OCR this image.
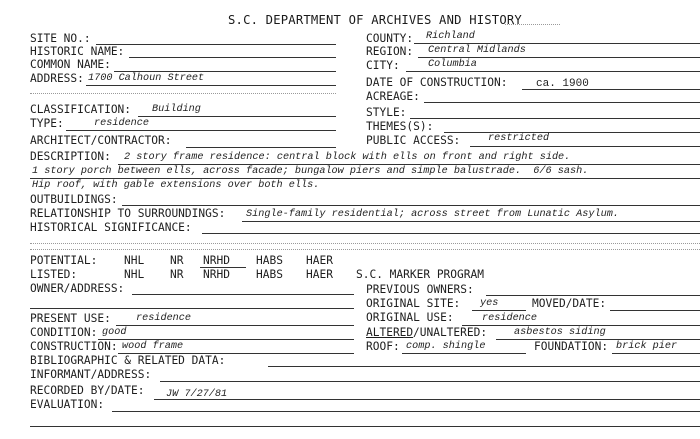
S.C. DEPARTMENT OF ARCHIVES AND HISTORY
SITE NO.:
HISTORIC NAME:
COMMON NAME:
ADDRESS: 1700 Calhoun Street
CLASSIFICATION: Building
TYPE:	residence
ARCHITECT/CONTRACTOR:
COUNTY: Richland
REGION: Central Midlands
CITY:	Columbia
DATE OF CONSTRUCTION:	ca. 1900
ACREAGE:
STYLE:
THEMES(S):
PUBLIC ACCESS:	restricted
DESCRIPTION: 2 story frame residence: central block with ells on front and right side.
1 story porch between ells, across facade; bungalow piers and simple balustrade.  6/6 sash.
Hip roof, with gable extensions over both ells.
OUTBUILDINGS:
RELATIONSHIP TO SURROUNDINGS: Single-family residential; across street from Lunatic Asylum.
HISTORICAL SIGNIFICANCE:
POTENTIAL: NHL NR NRHD HABS HAER
LISTED:	NHL NR NRHD HABS HAER S.C. MARKER PROGRAM
OWNER/ADDRESS:	PREVIOUS OWNERS:
ORIGINAL SITE: yes	MOVED/DATE:
PRESENT USE: residence	ORIGINAL USE:	residence
CONDITION: good	ALTERED /UNALTERED:	asbestos siding
CONSTRUCTION: wood frame	ROOF: comp. shingle	FOUNDATION: brick pier
BIBLIOGRAPHIC & RELATED DATA:
INFORMANT/ADDRESS:
RECORDED BY/DATE: JW 7/27/81
EVALUATION:
